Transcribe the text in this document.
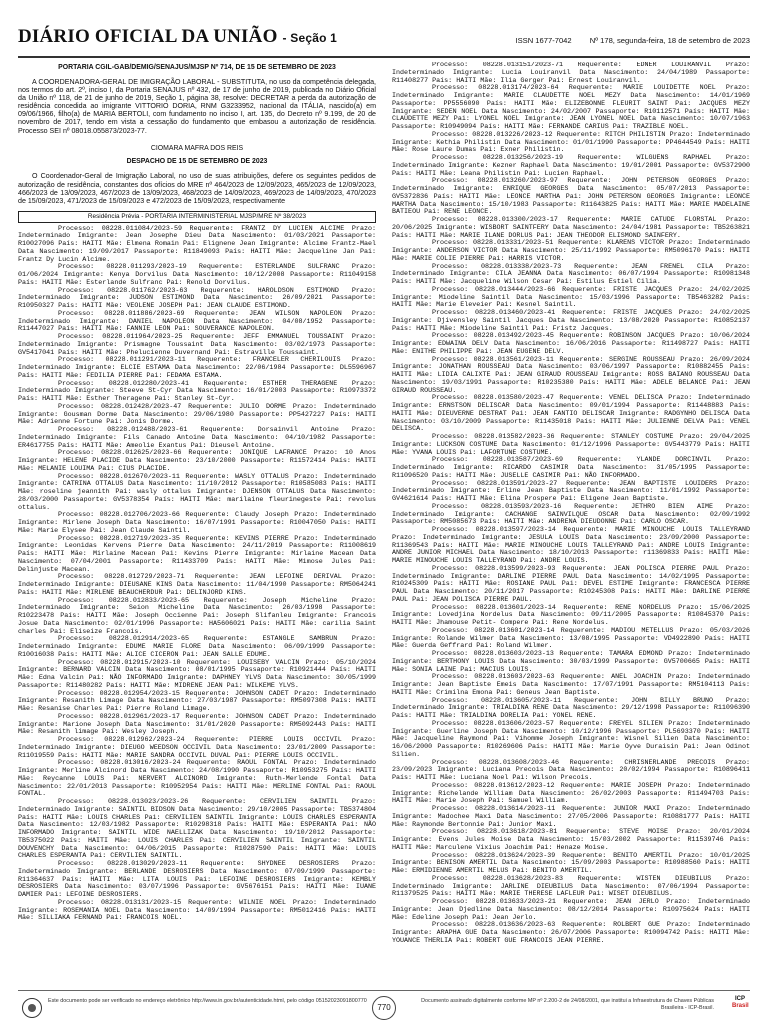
DIÁRIO OFICIAL DA UNIÃO - Seção 1	ISSN 1677-7042 Nº 178, segunda-feira, 18 de setembro de 2023

PORTARIA CGIL-GAB/DEMIG/SENAJUS/MJSP Nº 714, DE 15 DE SETEMBRO DE 2023

A COORDENADORA-GERAL DE IMIGRAÇÃO LABORAL - SUBSTITUTA, no uso da competência delegada, nos termos do art. 2º, inciso I, da Portaria SENAJUS nº 432, de 17 de junho de 2019, publicada no Diário Oficial da União nº 118, de 21 de junho de 2019, Seção 1, página 38, resolve: DECRETAR a perda da autorização de residência concedida ao imigrante VITTORIO DORIA, RNM G3233952, nacional da ITÁLIA, nascido(a) em 09/06/1966, filho(a) de MARIA BERTOLI, com fundamento no inciso I, art. 135, do Decreto nº 9.199, de 20 de novembro de 2017, tendo em vista a cessação do fundamento que embasou a autorização de residência. Processo SEI nº 08018.055873/2023-77.

CIOMARA MAFRA DOS REIS

DESPACHO DE 15 DE SETEMBRO DE 2023

O Coordenador-Geral de Imigração Laboral, no uso de suas atribuições, defere os seguintes pedidos de autorização de residência, constantes dos ofícios do MRE nº 464/2023 de 12/09/2023, 465/2023 de 12/09/2023, 466/2023 de 13/09/2023, 467/2023 de 13/09/2023, 468/2023 de 14/09/2023, 469/2023 de 14/09/2023, 470/2023 de 15/09/2023, 471/2023 de 15/09/2023 e 472/2023 de 15/09/2023, respectivamente

Residência Prévia - PORTARIA INTERMINISTERIAL MJSP/MRE Nº 38/2023

Processo: 08228.011084/2023-59 Requerente: FRANTZ DY LUCIEN ALCIME Prazo: Indeterminado Imigrante: Jean Josephe Dieu Data Nascimento: 01/03/2021 Passaporte: R10027096 País: HAITI Mãe: Elmena Romain Pai: Elignene Jean Imigrante: Alcime Frantz-Mael Data Nascimento: 19/09/2017 Passaporte: R11849093 País: HAITI Mãe: Jacqueline Jan Pai: Frantz Dy Lucin Alcime.

Processo: 08228.011293/2023-19 Requerente: ESTERLANDE SULFRANC Prazo: 01/06/2024 Imigrante: Kenya Dorvilus Data Nascimento: 10/12/2008 Passaporte: R11049158 País: HAITI Mãe: Esterlande Sulfranc Pai: Renold Dorvilus.

Processo: 08228.011762/2023-63 Requerente: HAROLDSON ESTIMOND Prazo: Indeterminado Imigrante: JUDSON ESTIMOND Data Nascimento: 26/09/2021 Passaporte: R10950327 País: HAITI Mãe: VEOLENE JOSEPH Pai: JEAN CLAUDE ESTIMOND.

Processo: 08228.011886/2023-69 Requerente: JEAN WILSON NAPOLEON Prazo: Indeterminado Imigrante: DANIEL NAPOLEON Data Nascimento: 04/08/1952 Passaporte: R11447027 País: HAITI Mãe: FANNIE LEON Pai: SOUVERANCE NAPOLEON.

Processo: 08228.011964/2023-25 Requerente: JEFF EMMANUEL TOUSSAINT Prazo: Indeterminado Imigrante: Prismagne Toussaint Data Nascimento: 03/02/1973 Passaporte: GV5417041 País: HAITI Mãe: Phelucienne Duvernand Pai: Estraville Toussaint.

Processo: 08228.011291/2023-11 Requerente: FRANCELER CHERILOUIS Prazo: Indeterminado Imigrante: ELCIE ESTAMA Data Nascimento: 22/06/1984 Passaporte: DL5596967 País: HAITI Mãe: FEDILIA PIERRE Pai: FEDAMA ESTAMA.

Processo: 08228.012280/2023-41 Requerente: ESTHER THERAGENE Prazo: Indeterminado Imigrante: Steeve St-Cyr Data Nascimento: 16/01/2003 Passaporte: R10973372 País: HAITI Mãe: Esther Theragene Pai: Stanley St-Cyr.

Processo: 08228.012428/2023-47 Requerente: JULIO DORME Prazo: Indeterminado Imigrante: Gousman Dorme Data Nascimento: 29/06/1980 Passaporte: PP5427227 País: HAITI Mãe: Adrienne Fortune Pai: Jonis Dorme.

Processo: 08228.012488/2023-61 Requerente: Dorsainvil Antoine Prazo: Indeterminado Imigrante: Fils Canado Antoine Data Nascimento: 04/10/1982 Passaporte: ER4617755 País: HAITI Mãe: Ameolie Exantus Pai: Dieusel Antoine.

Processo: 08228.012625/2023-66 Requerente: JONIQUE LAFRANCE Prazo: 10 Anos Imigrante: HELENE PLACIDE Data Nascimento: 23/10/2000 Passaporte: R11572414 País: HAITI Mãe: MELANIE LOUIMA Pai: CIUS PLACIDE.

Processo: 08228.012670/2023-11 Requerente: WASLY OTTALUS Prazo: Indeterminado Imigrante: CATRINA OTTALUS Data Nascimento: 11/10/2012 Passaporte: R10585083 País: HAITI Mãe: roseline jeannith Pai: wasly ottalus Imigrante: DJENSON OTTALUS Data Nascimento: 28/03/2000 Passaporte: GV5378354 País: HAITI Mãe: marilaine fleurinegeste Pai: revolus ottalus.

Processo: 08228.012706/2023-66 Requerente: Claudy Joseph Prazo: Indeterminado Imigrante: Mirlene Joseph Data Nascimento: 16/07/1991 Passaporte: R10047050 País: HAITI Mãe: Marie Elysee Pai: Jean Claude Saintil.

Processo: 08228.012719/2023-35 Requerente: KEVINS PIERRE Prazo: Indeterminado Imigrante: Leonidas Kervens Pierre Data Nascimento: 24/11/2019 Passaporte: R11008619 País: HAITI Mãe: Mirlaine Macean Pai: Kevins Pierre Imigrante: Mirlaine Macean Data Nascimento: 07/04/2001 Passaporte: R11433709 País: HAITI Mãe: Mimose Jules Pai: Delinjuste Macean.

Processo: 08228.012729/2023-71 Requerente: JEAN LEFOINE DERIVAL Prazo: Indeterminado Imigrante: DIEUSANE KINS Data Nascimento: 11/04/1990 Passaporte: RM5064241 País: HAITI Mãe: MIRLENE BEAUCHERDUR Pai: DELINJORD KINS.

Processo: 08228.012833/2023-65 Requerente: Joseph Micheline Prazo: Indeterminado Imigrante: Seion Micheline Data Nascimento: 26/03/1998 Passaporte: R10223478 País: HAITI Mãe: Joseph Occienne Pai: Joseph Slifanleu Imigrante: Francois Josue Data Nascimento: 02/01/1996 Passaporte: HA5606021 País: HAITI Mãe: carilia Saint charles Pai: Eliseize Francois.

Processo: 08228.012914/2023-65 Requerente: ESTANGLE SAMBRUN Prazo: Indeterminado Imigrante: EDUME MARIE FLORE Data Nascimento: 06/09/1999 Passaporte: R10016038 País: HAITI Mãe: ALICE CICERON Pai: JEAN SALLE EDUME.

Processo: 08228.012915/2023-10 Requerente: LOUISEBY VALCIN Prazo: 05/10/2024 Imigrante: BERNARD VALCIN Data Nascimento: 08/01/1995 Passaporte: R10921444 País: HAITI Mãe: Edna Valcin Pai: NÃO INFORMADO Imigrante: DAPHNEY YLVS Data Nascimento: 30/05/1999 Passaporte: R11480282 País: HAITI Mãe: MIDRENE JEAN Pai: WILKEME YLVS.

Processo: 08228.012954/2023-15 Requerente: JOHNSON CADET Prazo: Indeterminado Imigrante: Resanith Limage Data Nascimento: 27/03/1987 Passaporte: RM5097308 País: HAITI Mãe: Resanise Charles Pai: Pierre Roland Limage.

Processo: 08228.012961/2023-17 Requerente: JOHNSON CADET Prazo: Indeterminado Imigrante: Marione Joseph Data Nascimento: 31/01/2020 Passaporte: RM5092443 País: HAITI Mãe: Resanith limage Pai: Wesley Joseph.

Processo: 08228.012962/2023-24 Requerente: PIERRE LOUIS OCCIVIL Prazo: Indeterminado Imigrante: DIEUGO WEEDSON OCCIVIL Data Nascimento: 23/01/2009 Passaporte: R11019559 País: HAITI Mãe: MARIE SANDRA OCCIVIL DUVAL Pai: PIERRE LOUIS OCCIVIL.

Processo: 08228.013016/2023-24 Requerente: RAOUL FONTAL Prazo: Indeterminado Imigrante: Merline Alcinord Data Nascimento: 24/08/1990 Passaporte: R10953275 País: HAITI Mãe: Reycanne LOUIS Pai: NERVERT ALCINORD Imigrante: Ruth-Merlende Fontal Data Nascimento: 22/01/2013 Passaporte: R10952954 País: HAITI Mãe: MERLINE FONTAL Pai: RAOUL FONTAL.

Processo: 08228.013023/2023-26 Requerente: CERVILIEN SAINTIL Prazo: Indeterminado Imigrante: SAINTIL BIDSON Data Nascimento: 29/10/2005 Passaporte: TB5374804 País: HAITI Mãe: LOUIS CHARLES Pai: CERVILIEN SAINTIL Imigrante: LOUIS CHARLES ESPERANTA Data Nascimento: 12/03/1982 Passaporte: R10298318 País: HAITI Mãe: ESPERANTA Pai: NÃO INFORMADO Imigrante: SAINTIL WIDE NAELLIZAK Data Nascimento: 19/10/2012 Passaporte: TB5375022 País: HAITI Mãe: LOUIS CHARLES Pai: CERVILIEN SAINTIL Imigrante: SAINTIL DOUVENCHY Data Nascimento: 04/06/2015 Passaporte: R10287590 País: HAITI Mãe: LOUIS CHARLES ESPERANTA Pai: CERVILIEN SAINTIL.

Processo: 08228.013029/2023-11 Requerente: SHYDNEE DESROSIERS Prazo: Indeterminado Imigrante: BERLANDE DESROSIERS Data Nascimento: 07/09/1999 Passaporte: R11364637 País: HAITI Mãe: LITA LOUIS Pai: LEFOINE DESROSIERS Imigrante: KEMBLY DESROSIERS Data Nascimento: 03/07/1996 Passaporte: GV5676151 País: HAITI Mãe: IUANE DAMIER Pai: LEFOINE DESROSIERS.

Processo: 08228.013131/2023-15 Requerente: WILNIE NOEL Prazo: Indeterminado Imigrante: ROSEMANIA NOEL Data Nascimento: 14/09/1994 Passaporte: RM5012416 País: HAITI Mãe: SILLIAKA FERNAND Pai: FRANCOIS NOEL.

Processo: 08228.013151/2023-71 Requerente: EDNER LOUIRANVIL Prazo: Indeterminado Imigrante: Lucia Louiranvil Data Nascimento: 24/04/1989 Passaporte: R11408277 País: HAITI Mãe: Ilia Gerger Pai: Ernest Louiranvil.

Processo: 08228.013174/2023-64 Requerente: MARIE LOUIDETTE NOEL Prazo: Indeterminado Imigrante: MARIE CLAUDETTE NOEL MEZY Data Nascimento: 14/01/1969 Passaporte: PP5556090 País: HAITI Mãe: ELIZEBONNE FLEURIT SAINT Pai: JACQUES MEZY Imigrante: SEDEN NOEL Data Nascimento: 24/02/2007 Passaporte: R10112571 País: HAITI Mãe: CLAUDETTE MEZY Pai: LYONEL NOEL Imigrante: JEAN LYONEL NOEL Data Nascimento: 10/07/1963 Passaporte: R10949094 País: HAITI Mãe: FERNANDE CARIUS Pai: TRAZIBLE NOEL.

Processo: 08228.013226/2023-12 Requerente: RITCH PHILISTIN Prazo: Indeterminado Imigrante: Kethia Philistin Data Nascimento: 01/01/1990 Passaporte: PP4644549 País: HAITI Mãe: Rose Laure Dumas Pai: Exner Philistin.

Processo: 08228.013256/2023-19 Requerente: WILGUENS RAPHAEL Prazo: Indeterminado Imigrante: Kezner Raphael Data Nascimento: 19/01/2001 Passaporte: GV5372900 País: HAITI Mãe: Leana Philistin Pai: Lucien Raphael.

Processo: 08228.013260/2023-97 Requerente: JOHN PETERSON GEORGES Prazo: Indeterminado Imigrante: ENRIQUE GEORGES Data Nascimento: 05/07/2013 Passaporte: GV5372836 País: HAITI Mãe: LEONCE MARTHA Pai: JOHN PETERSON GEORGES Imigrante: LEONCE MARTHA Data Nascimento: 15/10/1983 Passaporte: R11643825 País: HAITI Mãe: MARIE MADELAINE BATIEOU Pai: RENE LEONCE.

Processo: 08228.013300/2023-17 Requerente: MARIE CATUDE FLORSTAL Prazo: 20/06/2025 Imigrante: WISBORT SAINTFERY Data Nascimento: 24/04/1981 Passaporte: TB5263821 País: HAITI Mãe: MARIE ILANE DORLUS Pai: JEAN THEODOR ELISMOND SAINFERY.

Processo: 08228.013331/2023-51 Requerente: KLARENS VICTOR Prazo: Indeterminado Imigrante: ANDERSON VICTOR Data Nascimento: 25/11/1992 Passaporte: RM5096170 País: HAITI Mãe: MARIE COLIE PIERRE Pai: HARRIS VICTOR.

Processo: 08228.013338/2023-73 Requerente: JEAN FRENEL CILA Prazo: Indeterminado Imigrante: CILA JEANNA Data Nascimento: 06/07/1994 Passaporte: R10981348 País: HAITI Mãe: Jacqueline Wilson Cesar Pai: Estilus Estiel Cilia.

Processo: 08228.013444/2023-66 Requerente: FRISTE JACQUES Prazo: 24/02/2025 Imigrante: Miodeline Saintil Data Nascimento: 15/03/1996 Passaporte: TB5463282 País: HAITI Mãe: Marie Eleveier Pai: Kesnel Saintil.

Processo: 08228.013460/2023-41 Requerente: FRISTE JACQUES Prazo: 24/02/2025 Imigrante: Djivensley Saintil Jacques Data Nascimento: 13/08/2020 Passaporte: R10852137 País: HAITI Mãe: Miodeline Saintil Pai: Fristz Jacques.

Processo: 08228.013492/2023-45 Requerente: ROBINSON JACQUES Prazo: 10/06/2024 Imigrante: EDWAINA DELV Data Nascimento: 16/06/2016 Passaporte: R11498727 País: HAITI Mãe: ENITHE PHILIPPE Pai: JEAN EUGENE DELV.

Processo: 08228.013561/2023-11 Requerente: SERGINE ROUSSEAU Prazo: 26/09/2024 Imigrante: JONATHAN ROUSSEAU Data Nascimento: 03/06/1997 Passaporte: R10882455 País: HAITI Mãe: LIDIA CALIXTE Pai: JEAN GIRAUD ROUSSEAU Imigrante: ROSS BAIANO ROUSSEAU Data Nascimento: 19/03/1991 Passaporte: R10235380 País: HAITI Mãe: ADELE BELANCE Pai: JEAN GIRAUD ROUSSEAU.

Processo: 08228.013580/2023-47 Requerente: VENEL DELISCA Prazo: Indeterminado Imigrante: ERNSTSON DELISCAR Data Nascimento: 09/01/1994 Passaporte: R11448883 País: HAITI Mãe: DIEUVERNE DESTRAT Pai: JEAN FANTIO DELISCAR Imigrante: RADGYNHO DELISCA Data Nascimento: 03/10/2009 Passaporte: R11435018 País: HAITI Mãe: JULIENNE DELVA Pai: VENEL DELISCA.

Processo: 08228.013582/2023-36 Requerente: STANLEY COSTUME Prazo: 29/04/2025 Imigrante: LUCKSON COSTUME Data Nascimento: 01/12/1996 Passaporte: GV5443779 País: HAITI Mãe: YVANA LOUIS Pai: LAFORTUNE COSTUME.

Processo: 08228.013587/2023-69 Requerente: YLANDE DORCINVIL Prazo: Indeterminado Imigrante: RICARDO CASIMIR Data Nascimento: 31/05/1995 Passaporte: R11096520 País: HAITI Mãe: JUSELLE CASIMIR Pai: NÃO INFORMADO.

Processo: 08228.013591/2023-27 Requerente: JEAN BAPTISTE LOUIDERS Prazo: Indeterminado Imigrante: Erline Jean Baptiste Data Nascimento: 11/01/1992 Passaporte: GV4621614 País: HAITI Mãe: Elina Prospere Pai: Eligene Jean Baptiste.

Processo: 08228.013593/2023-16 Requerente: JETHRO BIEN AIME Prazo: Indeterminado Imigrante: CACHANGE SAINVILQUE OSCAR Data Nascimento: 02/09/1992 Passaporte: RM5085673 País: HAITI Mãe: ANDRENA DIEUDONNE Pai: CARLO OSCAR.

Processo: 08228.013597/2023-14 Requerente: MARIE MINOUCHE LOUIS TALLEYRAND Prazo: Indeterminado Imigrante: JESULA LOUIS Data Nascimento: 23/09/2000 Passaporte: R11369543 País: HAITI Mãe: MARIE MINOUCHE LOUIS TALLEYRAND Pai: ANDRE LOUIS Imigrante: ANDRE JUNIOR MICHAEL Data Nascimento: 18/10/2013 Passaporte: r11369833 País: HAITI Mãe: MARIE MINOUCHE LOUIS TALLEYRAND Pai: ANDRE LOUIS.

Processo: 08228.013599/2023-93 Requerente: JEAN POLISCA PIERRE PAUL Prazo: Indeterminado Imigrante: DARLINE PIERRE PAUL Data Nascimento: 14/02/1995 Passaporte: R10245309 País: HAITI Mãe: ROSIANE PAUL Pai: DEVEL ESTIME Imigrante: FRANCESCA PIERRE PAUL Data Nascimento: 20/11/2017 Passaporte: R10245308 País: HAITI Mãe: DARLINE PIERRE PAUL Pai: JEAN POLISCA PIERRE PAUL.

Processo: 08228.013601/2023-14 Requerente: RENE NORDELUS Prazo: 15/06/2025 Imigrante: Lovedjina Nordelus Data Nascimento: 09/11/2005 Passaporte: R10845370 País: HAITI Mãe: Jhamouse Petit- Compere Pai: Rene Nordelus.

Processo: 08228.013601/2023-14 Requerente: MADIOU METELLUS Prazo: 05/03/2026 Imigrante: Rolande Wilmer Data Nascimento: 13/08/1995 Passaporte: VD4922890 País: HAITI Mãe: Guerda Geffrard Pai: Roland Wilmer.

Processo: 08228.013603/2023-13 Requerente: TAMARA EDMOND Prazo: Indeterminado Imigrante: BERTHONY LOUIS Data Nascimento: 30/03/1999 Passaporte: GV5700665 País: HAITI Mãe: SONIA LAINE Pai: MACIUS LOUIS.

Processo: 08228.013603/2023-63 Requerente: ANEL JOACHIN Prazo: Indeterminado Imigrante: Jean Baptiste Emeis Data Nascimento: 17/07/1991 Passaporte: RM5104113 País: HAITI Mãe: Crimilna Emona Pai: Geneus Jean Baptiste.

Processo: 08228.013605/2023-11 Requerente: JOHN BILLY BRUNO Prazo: Indeterminado Imigrante: TRIALDINA RENE Data Nascimento: 29/12/1998 Passaporte: R11096390 País: HAITI Mãe: TRIALDINA DORELIA Pai: YONEL RENE.

Processo: 08228.013606/2023-57 Requerente: FREYEL SILIEN Prazo: Indeterminado Imigrante: Guerline Joseph Data Nascimento: 10/12/1996 Passaporte: PL5693370 País: HAITI Mãe: Jacqueline Raymond Pai: Vihomme Joseph Imigrante: Wisnel Silien Data Nascimento: 16/06/2000 Passaporte: R10269606 País: HAITI Mãe: Marie Oyve Duraisin Pai: Jean Odinot Silien.

Processo: 08228.013608/2023-46 Requerente: CHRISNERLANDE PRECOIS Prazo: 23/09/2023 Imigrante: Luciana Precois Data Nascimento: 20/02/1994 Passaporte: R10896411 País: HAITI Mãe: Luciana Noel Pai: Wilson Precois.

Processo: 08228.013612/2023-12 Requerente: MARIE JOSEPH Prazo: Indeterminado Imigrante: Richelande William Data Nascimento: 26/02/2003 Passaporte: R11494703 País: HAITI Mãe: Marie Joseph Pai: Samuel William.

Processo: 08228.013614/2023-11 Requerente: JUNIOR MAXI Prazo: Indeterminado Imigrante: Madochee Maxi Data Nascimento: 27/05/2006 Passaporte: R10881777 País: HAITI Mãe: Raymonde Bertonnie Pai: Junior Maxi.

Processo: 08228.013618/2023-81 Requerente: STEVE MOISE Prazo: 20/01/2024 Imigrante: Evens Jules Moise Data Nascimento: 15/03/2002 Passaporte: R11539746 País: HAITI Mãe: Marculene Vixius Joachim Pai: Henaze Moise.

Processo: 08228.013624/2023-39 Requerente: BENITO AMERTIL Prazo: 10/01/2025 Imigrante: BENISON AMERTIL Data Nascimento: 15/09/2003 Passaporte: R10988560 País: HAITI Mãe: ERMIDIENNE AMERTIL MELUS Pai: BENITO AMERTIL.

Processo: 08228.013628/2023-83 Requerente: WISTEN DIEUBILUS Prazo: Indeterminado Imigrante: JARLINE DIEUBILUS Data Nascimento: 07/06/1994 Passaporte: R11379525 País: HAITI Mãe: MARIE THERESE LAFLEUR Pai: WISET DIEUBILUS.

Processo: 08228.013633/2023-21 Requerente: JEAN JERLO Prazo: Indeterminado Imigrante: Jean Djedline Data Nascimento: 08/12/2014 Passaporte: R10975624 País: HAITI Mãe: Edeline Joseph Pai: Jean Jerlo.

Processo: 08228.013636/2023-63 Requerente: ROLBERT GUE Prazo: Indeterminado Imigrante: ARAPHA GUE Data Nascimento: 26/07/2006 Passaporte: R10094742 País: HAITI Mãe: YOUANCE THERLIA Pai: ROBERT GUE FRANCOIS JEAN PIERRE.

Este documento pode ser verificado no endereço eletrônico http://www.in.gov.br/autenticidade.html, pelo código 05152023091800770
770
Documento assinado digitalmente conforme MP nº 2.200-2 de 24/08/2001, que institui a Infraestrutura de Chaves Públicas Brasileira - ICP-Brasil.
ICP
Brasil
